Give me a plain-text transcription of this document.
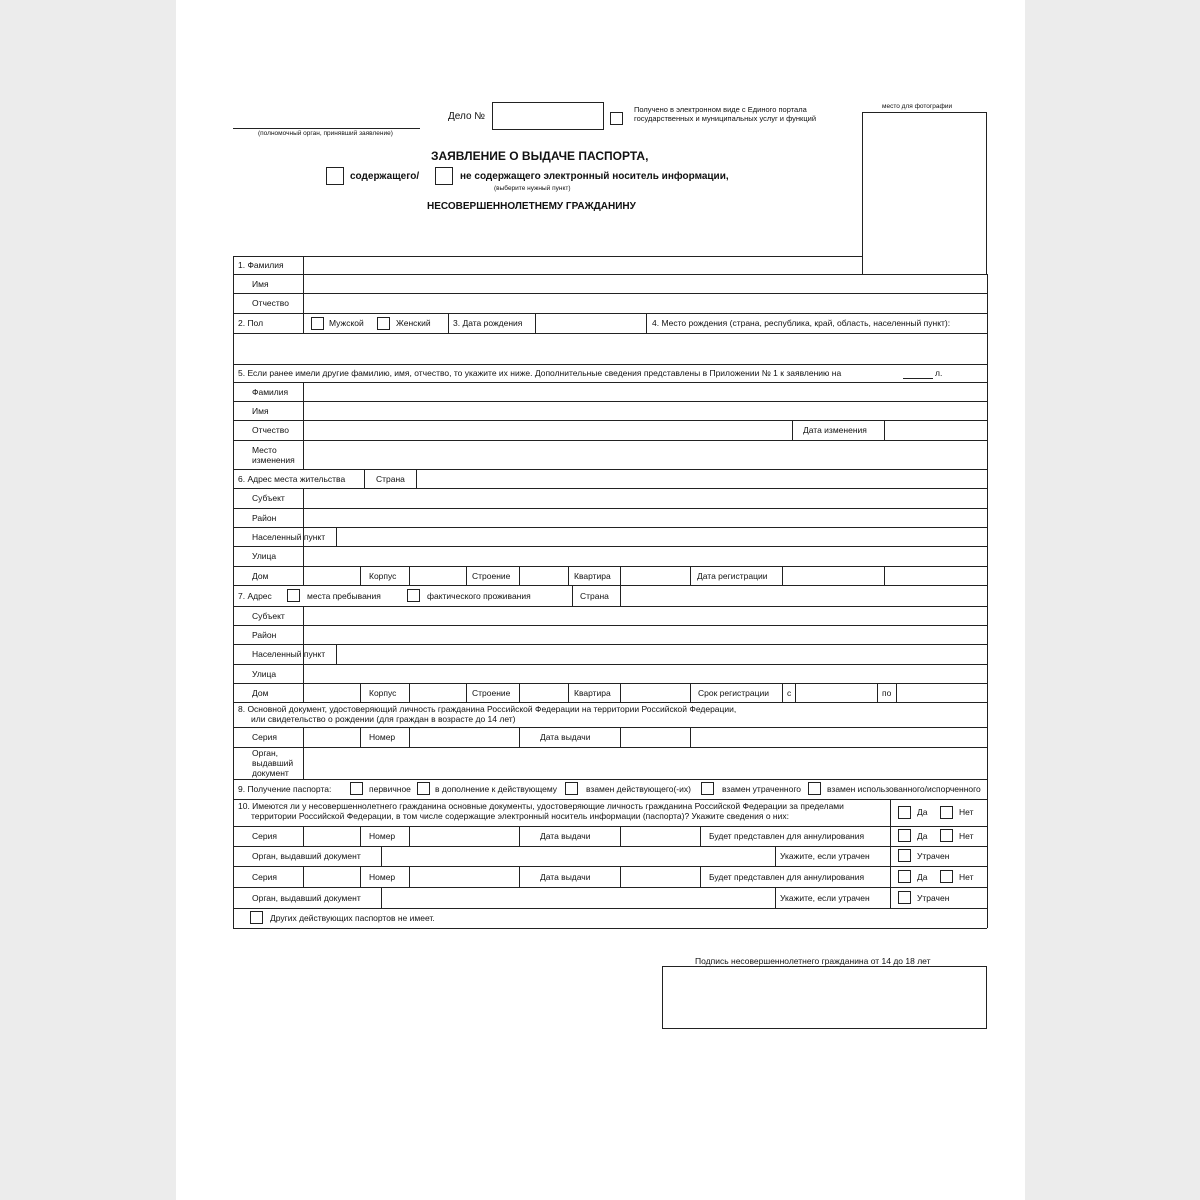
(полномочный орган, принявший заявление)
Дело №
Получено в электронном виде с Единого портала
государственных и муниципальных услуг и функций
место для фотографии
ЗАЯВЛЕНИЕ О ВЫДАЧЕ ПАСПОРТА,
содержащего/	не содержащего электронный носитель информации,
(выберите нужный пункт)
НЕСОВЕРШЕННОЛЕТНЕМУ ГРАЖДАНИНУ
1. Фамилия
Имя
Отчество
2. Пол	Мужской	Женский	3. Дата рождения	4. Место рождения (страна, республика, край, область, населенный пункт):
5. Если ранее имели другие фамилию, имя, отчество, то укажите их ниже. Дополнительные сведения представлены в Приложении № 1 к заявлению на	л.
Фамилия
Имя
Отчество	Дата изменения
Место
изменения
6. Адрес места жительства	Страна
Субъект
Район
Населенный пункт
Улица
Дом	Корпус	Строение	Квартира	Дата регистрации
7. Адрес	места пребывания	фактического проживания	Страна
Субъект
Район
Населенный пункт
Улица
Дом	Корпус	Строение	Квартира	Срок регистрации с	по
8. Основной документ, удостоверяющий личность гражданина Российской Федерации на территории Российской Федерации,
или свидетельство о рождении (для граждан в возрасте до 14 лет)
Серия	Номер	Дата выдачи
Орган,
выдавший
документ
9. Получение паспорта:	первичное	в дополнение к действующему	взамен действующего(-их)	взамен утраченного	взамен использованного/испорченного
10. Имеются ли у несовершеннолетнего гражданина основные документы, удостоверяющие личность гражданина Российской Федерации за пределами
территории Российской Федерации, в том числе содержащие электронный носитель информации (паспорта)? Укажите сведения о них:	Да	Нет
Серия	Номер	Дата выдачи	Будет представлен для аннулирования	Да	Нет
Орган, выдавший документ	Укажите, если утрачен	Утрачен
Серия	Номер	Дата выдачи	Будет представлен для аннулирования	Да	Нет
Орган, выдавший документ	Укажите, если утрачен	Утрачен
Других действующих паспортов не имеет.
Подпись несовершеннолетнего гражданина от 14 до 18 лет
